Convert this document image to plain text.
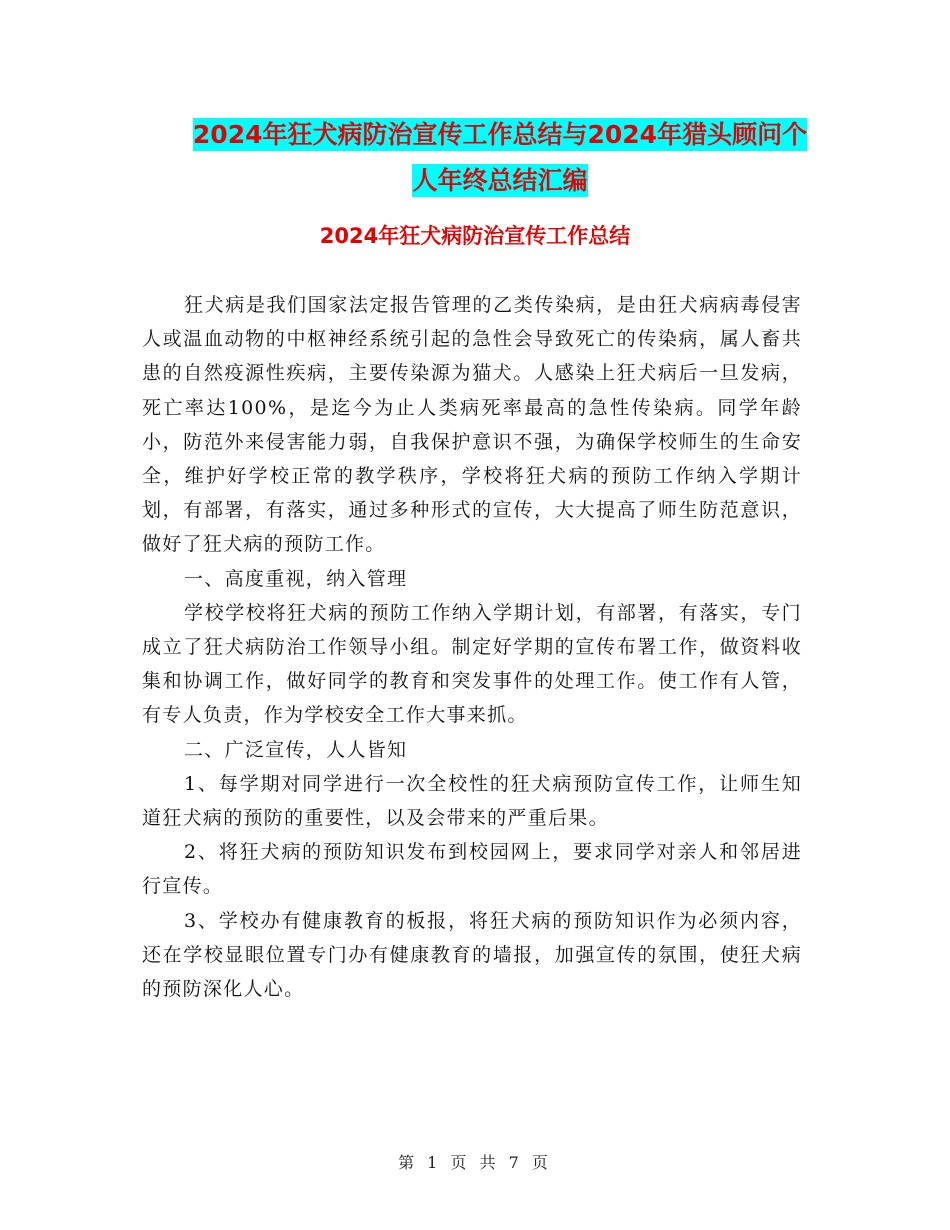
2024年狂犬病防治宣传工作总结与2024年猎头顾问个
人年终总结汇编
2024年狂犬病防治宣传工作总结

狂犬病是我们国家法定报告管理的乙类传染病，是由狂犬病病毒侵害人或温血动物的中枢神经系统引起的急性会导致死亡的传染病，属人畜共患的自然疫源性疾病，主要传染源为猫犬。人感染上狂犬病后一旦发病，死亡率达100%，是迄今为止人类病死率最高的急性传染病。同学年龄小，防范外来侵害能力弱，自我保护意识不强，为确保学校师生的生命安全，维护好学校正常的教学秩序，学校将狂犬病的预防工作纳入学期计划，有部署，有落实，通过多种形式的宣传，大大提高了师生防范意识，做好了狂犬病的预防工作。

一、高度重视，纳入管理

学校学校将狂犬病的预防工作纳入学期计划，有部署，有落实，专门成立了狂犬病防治工作领导小组。制定好学期的宣传布署工作，做资料收集和协调工作，做好同学的教育和突发事件的处理工作。使工作有人管，有专人负责，作为学校安全工作大事来抓。

二、广泛宣传，人人皆知

1、每学期对同学进行一次全校性的狂犬病预防宣传工作，让师生知道狂犬病的预防的重要性，以及会带来的严重后果。

2、将狂犬病的预防知识发布到校园网上，要求同学对亲人和邻居进行宣传。

3、学校办有健康教育的板报，将狂犬病的预防知识作为必须内容，还在学校显眼位置专门办有健康教育的墙报，加强宣传的氛围，使狂犬病的预防深化人心。

第 1 页 共 7 页
